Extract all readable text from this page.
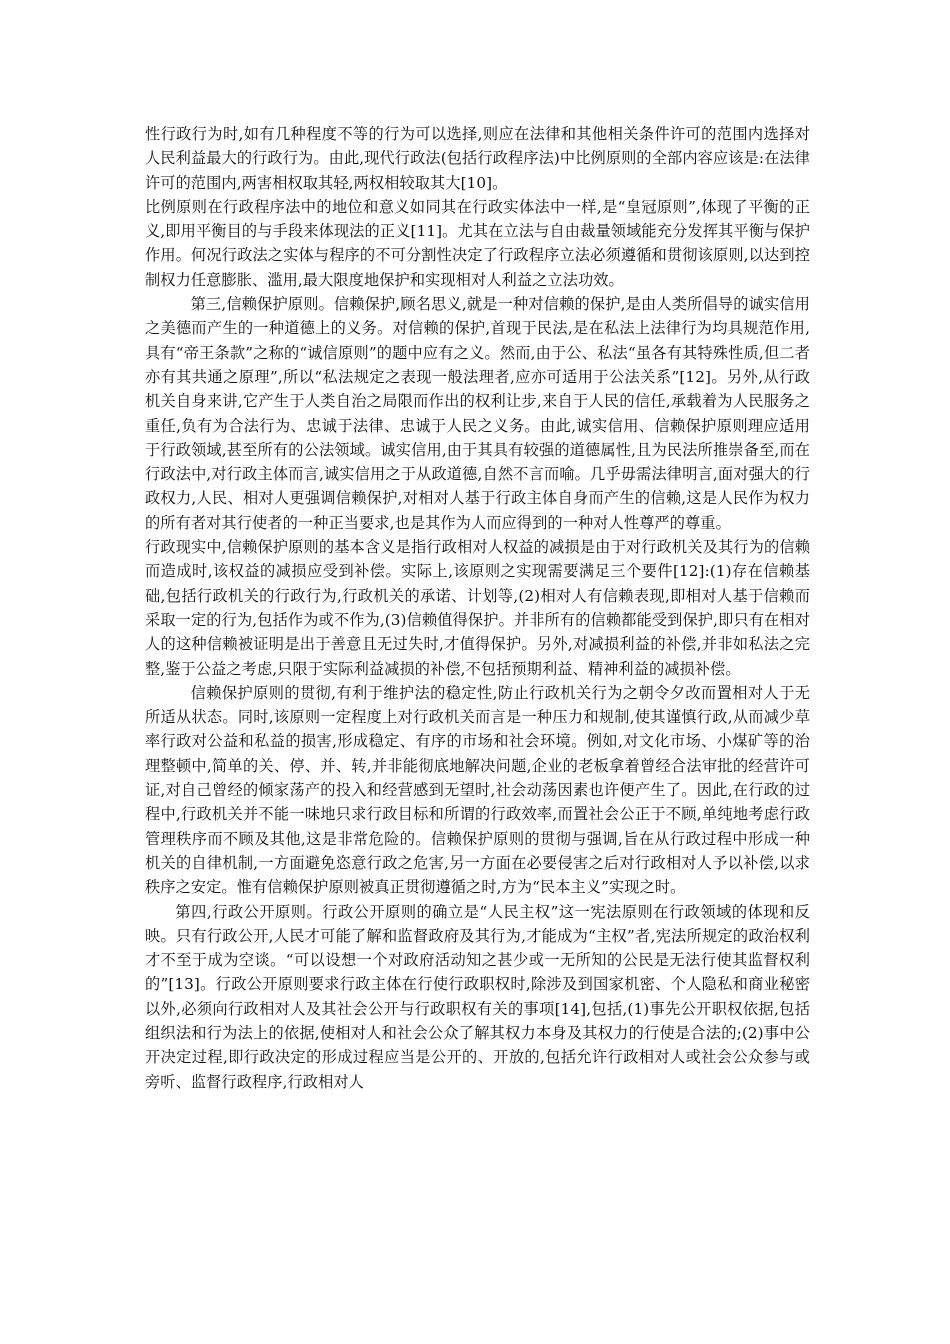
性行政行为时,如有几种程度不等的行为可以选择,则应在法律和其他相关条件许可的范围内选择对人民利益最大的行政行为。由此,现代行政法(包括行政程序法)中比例原则的全部内容应该是:在法律许可的范围内,两害相权取其轻,两权相较取其大[10]。

比例原则在行政程序法中的地位和意义如同其在行政实体法中一样,是“皇冠原则”,体现了平衡的正义,即用平衡目的与手段来体现法的正义[11]。尤其在立法与自由裁量领域能充分发挥其平衡与保护作用。何况行政法之实体与程序的不可分割性决定了行政程序立法必须遵循和贯彻该原则,以达到控制权力任意膨胀、滥用,最大限度地保护和实现相对人利益之立法功效。

第三,信赖保护原则。信赖保护,顾名思义,就是一种对信赖的保护,是由人类所倡导的诚实信用之美德而产生的一种道德上的义务。对信赖的保护,首现于民法,是在私法上法律行为均具规范作用,具有“帝王条款”之称的“诚信原则”的题中应有之义。然而,由于公、私法“虽各有其特殊性质,但二者亦有其共通之原理”,所以“私法规定之表现一般法理者,应亦可适用于公法关系”[12]。另外,从行政机关自身来讲,它产生于人类自治之局限而作出的权利让步,来自于人民的信任,承载着为人民服务之重任,负有为合法行为、忠诚于法律、忠诚于人民之义务。由此,诚实信用、信赖保护原则理应适用于行政领域,甚至所有的公法领域。诚实信用,由于其具有较强的道德属性,且为民法所推崇备至,而在行政法中,对行政主体而言,诚实信用之于从政道德,自然不言而喻。几乎毋需法律明言,面对强大的行政权力,人民、相对人更强调信赖保护,对相对人基于行政主体自身而产生的信赖,这是人民作为权力的所有者对其行使者的一种正当要求,也是其作为人而应得到的一种对人性尊严的尊重。

行政现实中,信赖保护原则的基本含义是指行政相对人权益的减损是由于对行政机关及其行为的信赖而造成时,该权益的减损应受到补偿。实际上,该原则之实现需要满足三个要件[12]:(1)存在信赖基础,包括行政机关的行政行为,行政机关的承诺、计划等,(2)相对人有信赖表现,即相对人基于信赖而采取一定的行为,包括作为或不作为,(3)信赖值得保护。并非所有的信赖都能受到保护,即只有在相对人的这种信赖被证明是出于善意且无过失时,才值得保护。另外,对减损利益的补偿,并非如私法之完整,鉴于公益之考虑,只限于实际利益减损的补偿,不包括预期利益、精神利益的减损补偿。

信赖保护原则的贯彻,有利于维护法的稳定性,防止行政机关行为之朝令夕改而置相对人于无所适从状态。同时,该原则一定程度上对行政机关而言是一种压力和规制,使其谨慎行政,从而减少草率行政对公益和私益的损害,形成稳定、有序的市场和社会环境。例如,对文化市场、小煤矿等的治理整顿中,简单的关、停、并、转,并非能彻底地解决问题,企业的老板拿着曾经合法审批的经营许可证,对自己曾经的倾家荡产的投入和经营感到无望时,社会动荡因素也许便产生了。因此,在行政的过程中,行政机关并不能一味地只求行政目标和所谓的行政效率,而置社会公正于不顾,单纯地考虑行政管理秩序而不顾及其他,这是非常危险的。信赖保护原则的贯彻与强调,旨在从行政过程中形成一种机关的自律机制,一方面避免恣意行政之危害,另一方面在必要侵害之后对行政相对人予以补偿,以求秩序之安定。惟有信赖保护原则被真正贯彻遵循之时,方为“民本主义”实现之时。

第四,行政公开原则。行政公开原则的确立是“人民主权”这一宪法原则在行政领域的体现和反映。只有行政公开,人民才可能了解和监督政府及其行为,才能成为“主权”者,宪法所规定的政治权利才不至于成为空谈。“可以设想一个对政府活动知之甚少或一无所知的公民是无法行使其监督权利的”[13]。行政公开原则要求行政主体在行使行政职权时,除涉及到国家机密、个人隐私和商业秘密以外,必须向行政相对人及其社会公开与行政职权有关的事项[14],包括,(1)事先公开职权依据,包括组织法和行为法上的依据,使相对人和社会公众了解其权力本身及其权力的行使是合法的;(2)事中公开决定过程,即行政决定的形成过程应当是公开的、开放的,包括允许行政相对人或社会公众参与或旁听、监督行政程序,行政相对人
